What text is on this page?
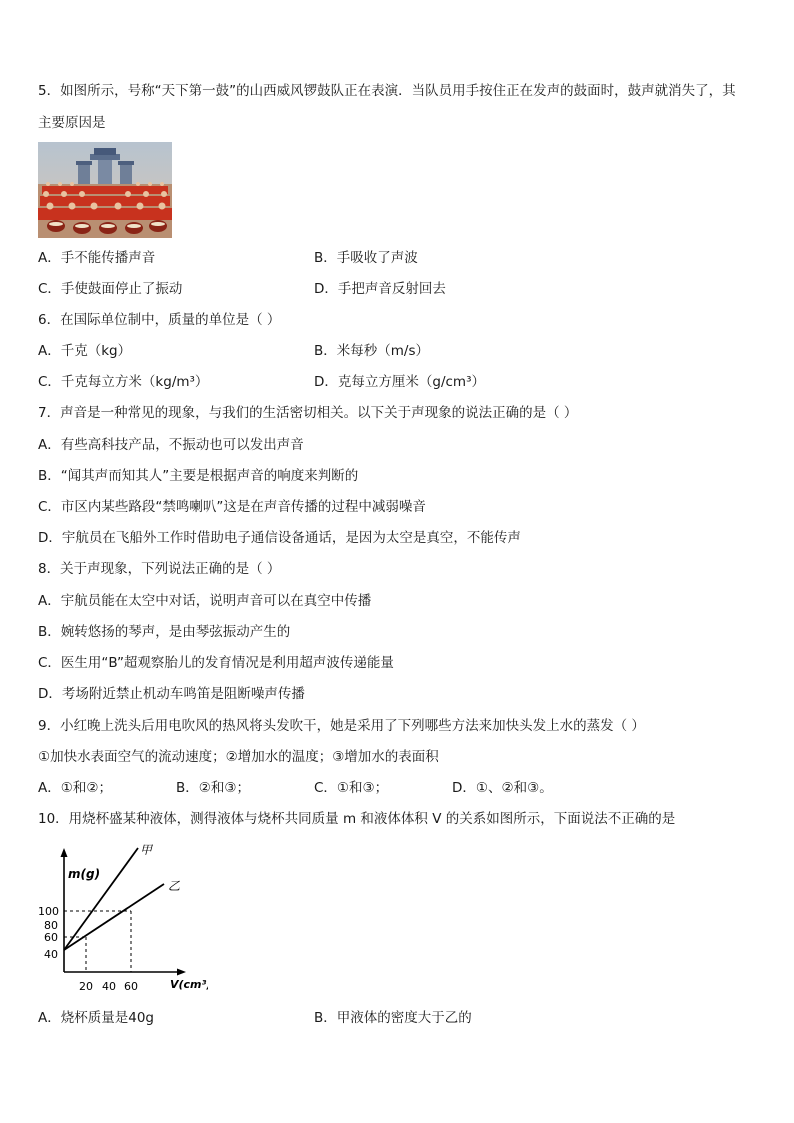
5．如图所示，号称“天下第一鼓”的山西威风锣鼓队正在表演．当队员用手按住正在发声的鼓面时，鼓声就消失了，其
主要原因是
A．手不能传播声音	B．手吸收了声波
C．手使鼓面停止了振动	D．手把声音反射回去
6．在国际单位制中，质量的单位是（ ）
A．千克（kg）	B．米每秒（m/s）
C．千克每立方米（kg/m³）	D．克每立方厘米（g/cm³）
7．声音是一种常见的现象，与我们的生活密切相关。以下关于声现象的说法正确的是（ ）
A．有些高科技产品，不振动也可以发出声音
B．“闻其声而知其人”主要是根据声音的响度来判断的
C．市区内某些路段“禁鸣喇叭”这是在声音传播的过程中减弱噪音
D．宇航员在飞船外工作时借助电子通信设备通话，是因为太空是真空，不能传声
8．关于声现象，下列说法正确的是（ ）
A．宇航员能在太空中对话，说明声音可以在真空中传播
B．婉转悠扬的琴声，是由琴弦振动产生的
C．医生用“B”超观察胎儿的发育情况是利用超声波传递能量
D．考场附近禁止机动车鸣笛是阻断噪声传播
9．小红晚上洗头后用电吹风的热风将头发吹干，她是采用了下列哪些方法来加快头发上水的蒸发（ ）
①加快水表面空气的流动速度；②增加水的温度；③增加水的表面积
A．①和②；	B．②和③；	C．①和③；	D．①、②和③。
10．用烧杯盛某种液体，测得液体与烧杯共同质量 m 和液体体积 V 的关系如图所示，下面说法不正确的是
m(g)
V(cm³)
100
80
60
40
20 40 60
甲
乙
A．烧杯质量是40g	B．甲液体的密度大于乙的
